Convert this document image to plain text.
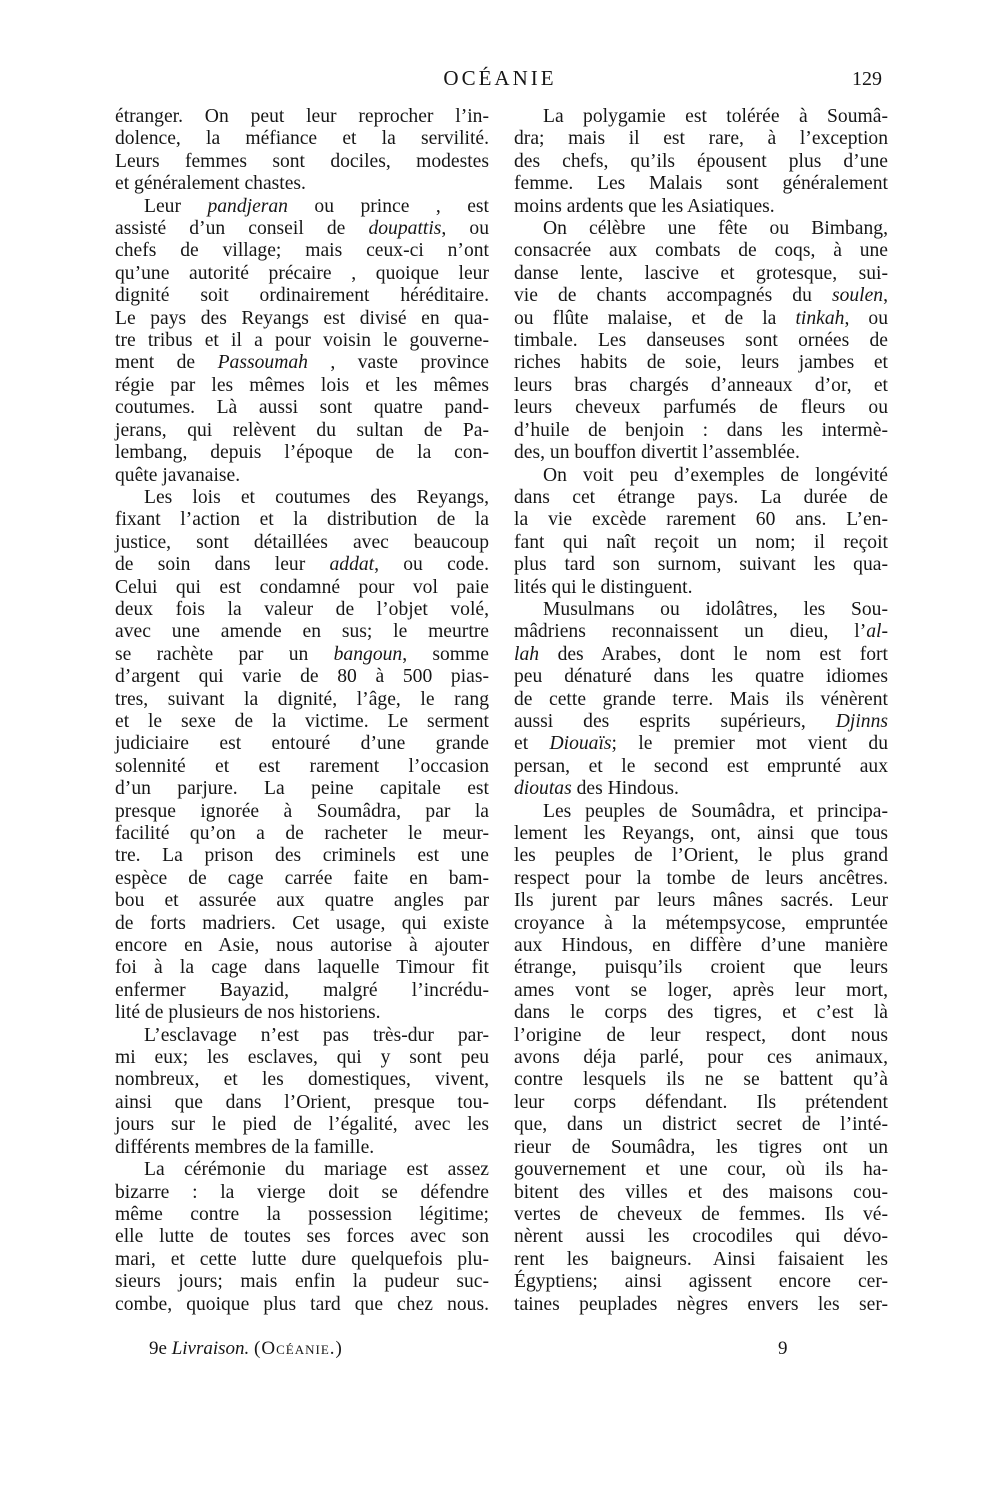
OCÉANIE	129
étranger. On peut leur reprocher l’in-
dolence, la méfiance et la servilité.
Leurs femmes sont dociles, modestes
et généralement chastes.
Leur pandjeran ou prince , est
assisté d’un conseil de doupattis, ou
chefs de village; mais ceux-ci n’ont
qu’une autorité précaire , quoique leur
dignité soit ordinairement héréditaire.
Le pays des Reyangs est divisé en qua-
tre tribus et il a pour voisin le gouverne-
ment de Passoumah , vaste province
régie par les mêmes lois et les mêmes
coutumes. Là aussi sont quatre pand-
jerans, qui relèvent du sultan de Pa-
lembang, depuis l’époque de la con-
quête javanaise.
Les lois et coutumes des Reyangs,
fixant l’action et la distribution de la
justice, sont détaillées avec beaucoup
de soin dans leur addat, ou code.
Celui qui est condamné pour vol paie
deux fois la valeur de l’objet volé,
avec une amende en sus; le meurtre
se rachète par un bangoun, somme
d’argent qui varie de 80 à 500 pias-
tres, suivant la dignité, l’âge, le rang
et le sexe de la victime. Le serment
judiciaire est entouré d’une grande
solennité et est rarement l’occasion
d’un parjure. La peine capitale est
presque ignorée à Soumâdra, par la
facilité qu’on a de racheter le meur-
tre. La prison des criminels est une
espèce de cage carrée faite en bam-
bou et assurée aux quatre angles par
de forts madriers. Cet usage, qui existe
encore en Asie, nous autorise à ajouter
foi à la cage dans laquelle Timour fit
enfermer Bayazid, malgré l’incrédu-
lité de plusieurs de nos historiens.
L’esclavage n’est pas très-dur par-
mi eux; les esclaves, qui y sont peu
nombreux, et les domestiques, vivent,
ainsi que dans l’Orient, presque tou-
jours sur le pied de l’égalité, avec les
différents membres de la famille.
La cérémonie du mariage est assez
bizarre : la vierge doit se défendre
même contre la possession légitime;
elle lutte de toutes ses forces avec son
mari, et cette lutte dure quelquefois plu-
sieurs jours; mais enfin la pudeur suc-
combe, quoique plus tard que chez nous.
La polygamie est tolérée à Soumâ-
dra; mais il est rare, à l’exception
des chefs, qu’ils épousent plus d’une
femme. Les Malais sont généralement
moins ardents que les Asiatiques.
On célèbre une fête ou Bimbang,
consacrée aux combats de coqs, à une
danse lente, lascive et grotesque, sui-
vie de chants accompagnés du soulen,
ou flûte malaise, et de la tinkah, ou
timbale. Les danseuses sont ornées de
riches habits de soie, leurs jambes et
leurs bras chargés d’anneaux d’or, et
leurs cheveux parfumés de fleurs ou
d’huile de benjoin : dans les intermè-
des, un bouffon divertit l’assemblée.
On voit peu d’exemples de longévité
dans cet étrange pays. La durée de
la vie excède rarement 60 ans. L’en-
fant qui naît reçoit un nom; il reçoit
plus tard son surnom, suivant les qua-
lités qui le distinguent.
Musulmans ou idolâtres, les Sou-
mâdriens reconnaissent un dieu, l’al-
lah des Arabes, dont le nom est fort
peu dénaturé dans les quatre idiomes
de cette grande terre. Mais ils vénèrent
aussi des esprits supérieurs, Djinns
et Diouaïs; le premier mot vient du
persan, et le second est emprunté aux
dioutas des Hindous.
Les peuples de Soumâdra, et principa-
lement les Reyangs, ont, ainsi que tous
les peuples de l’Orient, le plus grand
respect pour la tombe de leurs ancêtres.
Ils jurent par leurs mânes sacrés. Leur
croyance à la métempsycose, empruntée
aux Hindous, en diffère d’une manière
étrange, puisqu’ils croient que leurs
ames vont se loger, après leur mort,
dans le corps des tigres, et c’est là
l’origine de leur respect, dont nous
avons déja parlé, pour ces animaux,
contre lesquels ils ne se battent qu’à
leur corps défendant. Ils prétendent
que, dans un district secret de l’inté-
rieur de Soumâdra, les tigres ont un
gouvernement et une cour, où ils ha-
bitent des villes et des maisons cou-
vertes de cheveux de femmes. Ils vé-
nèrent aussi les crocodiles qui dévo-
rent les baigneurs. Ainsi faisaient les
Égyptiens; ainsi agissent encore cer-
taines peuplades nègres envers les ser-
9e Livraison. (Océanie.)	9
